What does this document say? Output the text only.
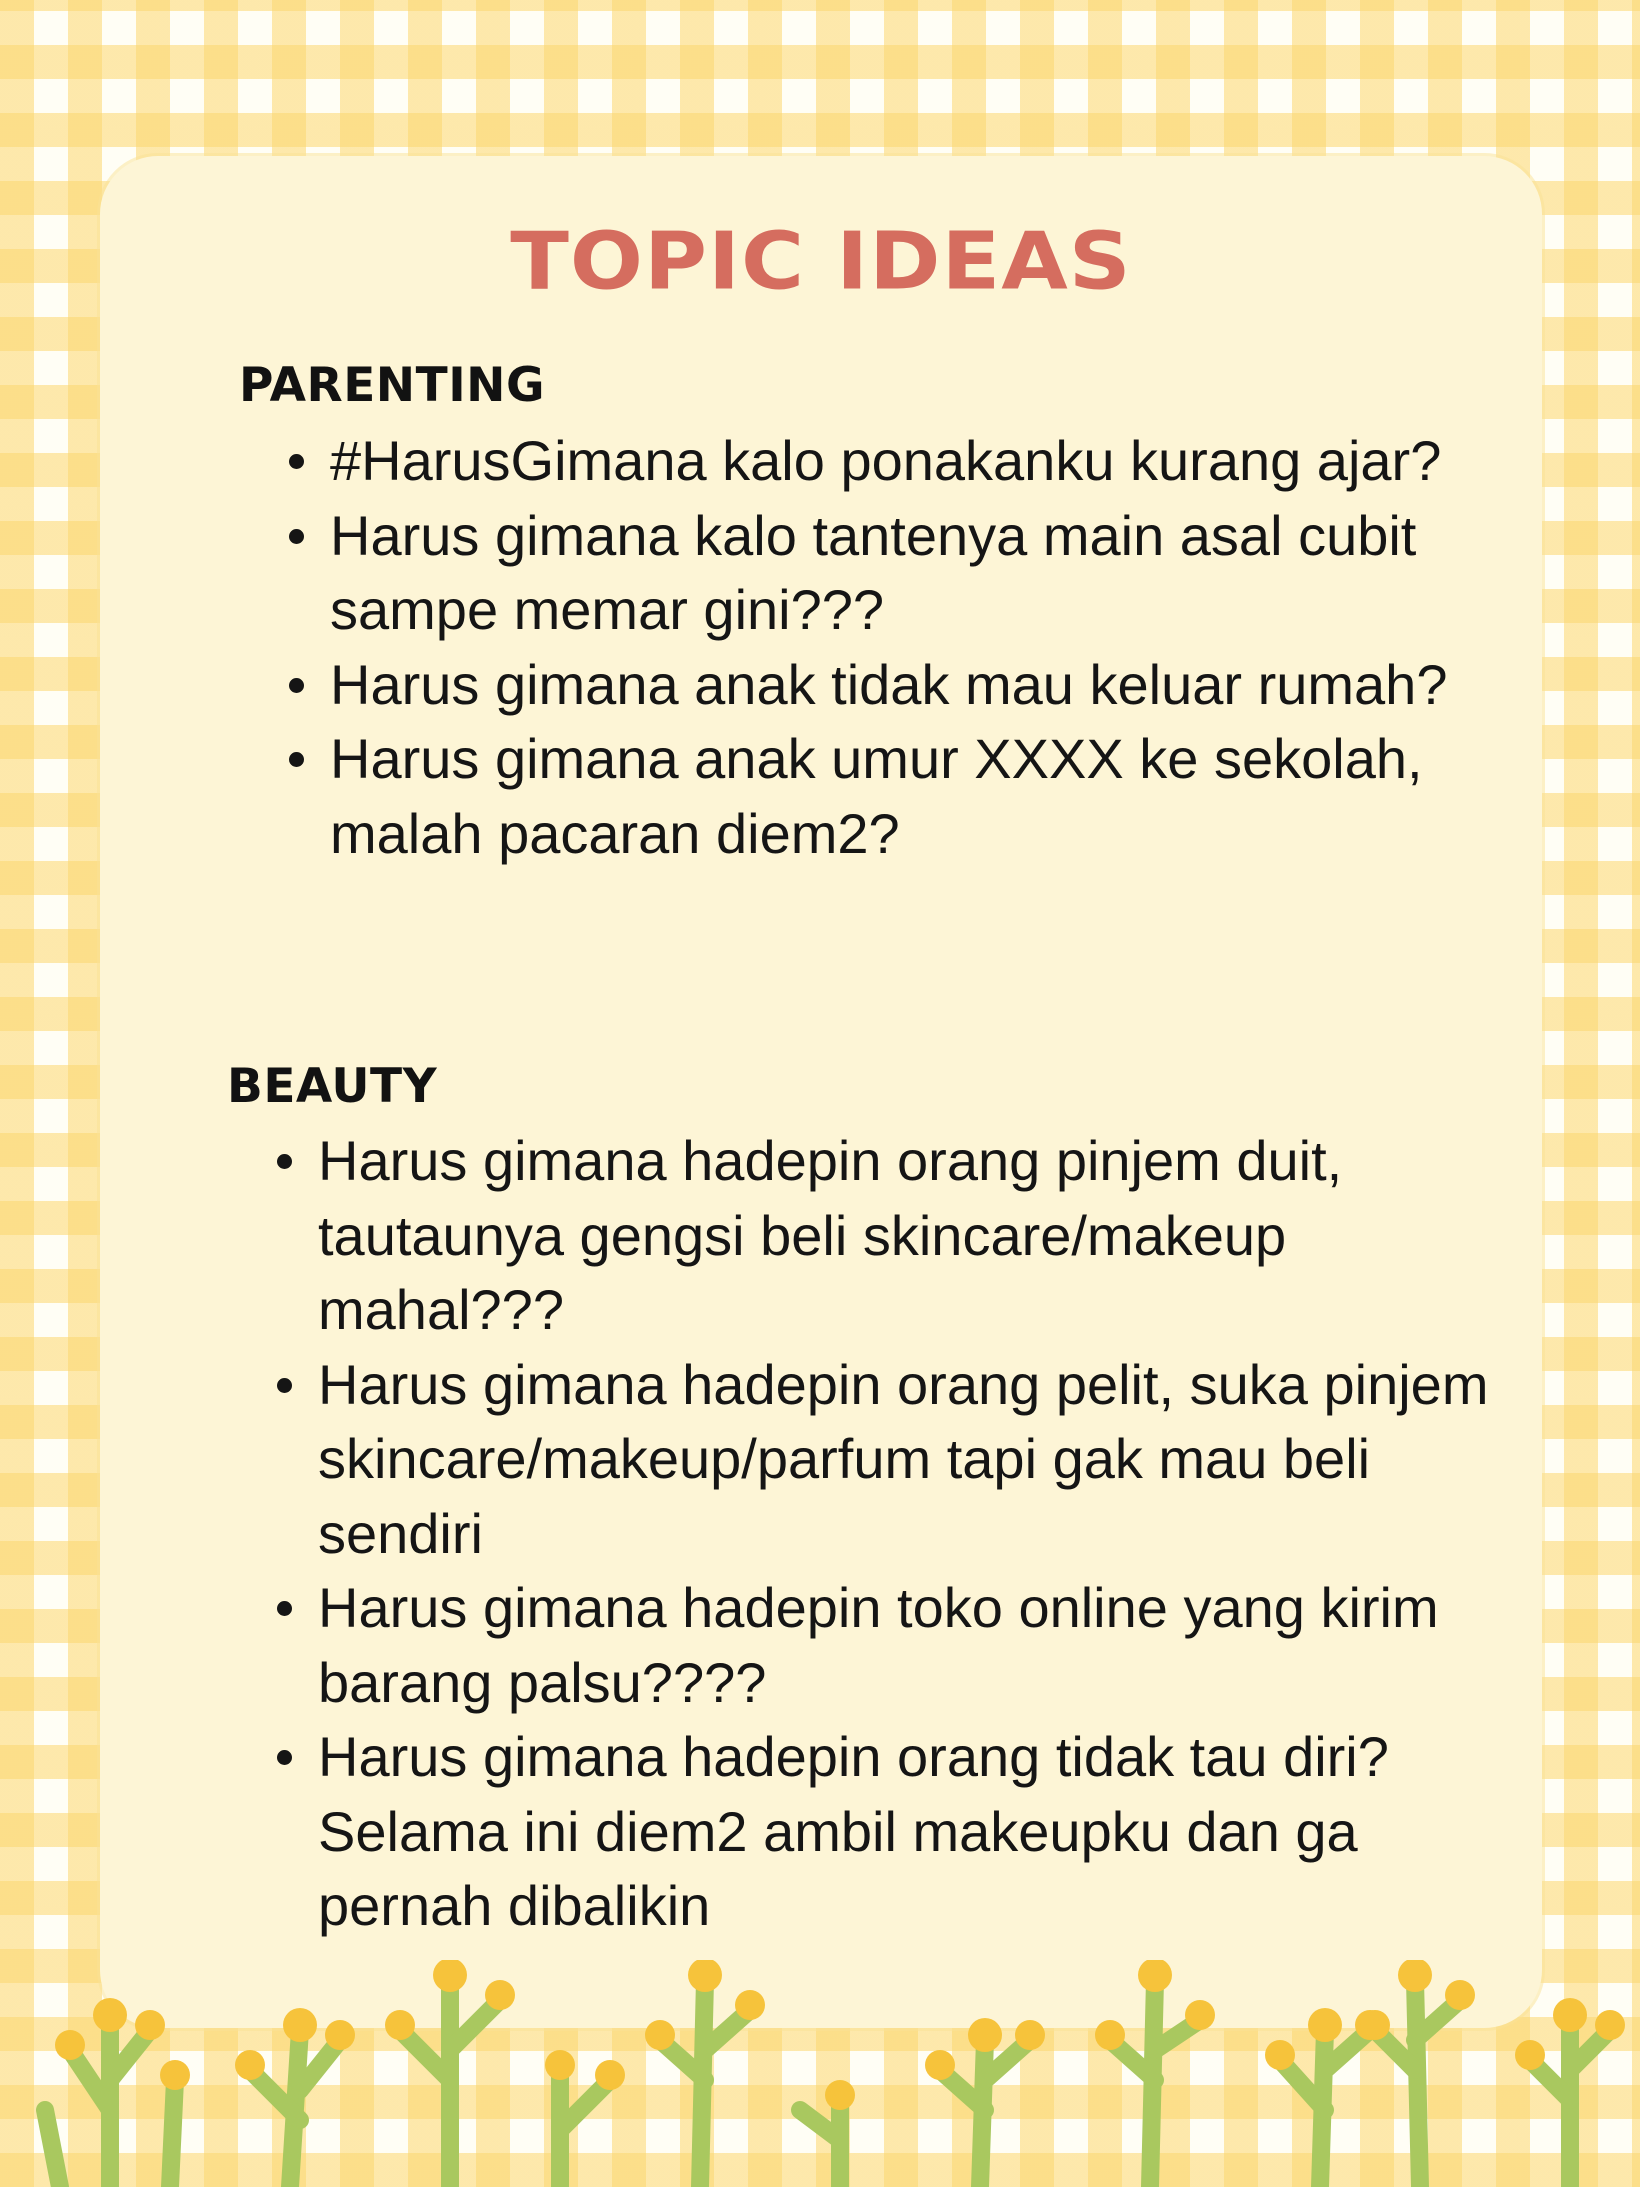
TOPIC IDEAS
PARENTING
#HarusGimana kalo ponakanku kurang ajar?
Harus gimana kalo tantenya main asal cubit sampe memar gini???
Harus gimana anak tidak mau keluar rumah?
Harus gimana anak umur XXXX ke sekolah, malah pacaran diem2?
BEAUTY
Harus gimana hadepin orang pinjem duit, tautaunya gengsi beli skincare/makeup mahal???
Harus gimana hadepin orang pelit, suka pinjem skincare/makeup/parfum tapi gak mau beli sendiri
Harus gimana hadepin toko online yang kirim barang palsu????
Harus gimana hadepin orang tidak tau diri? Selama ini diem2 ambil makeupku dan ga pernah dibalikin
